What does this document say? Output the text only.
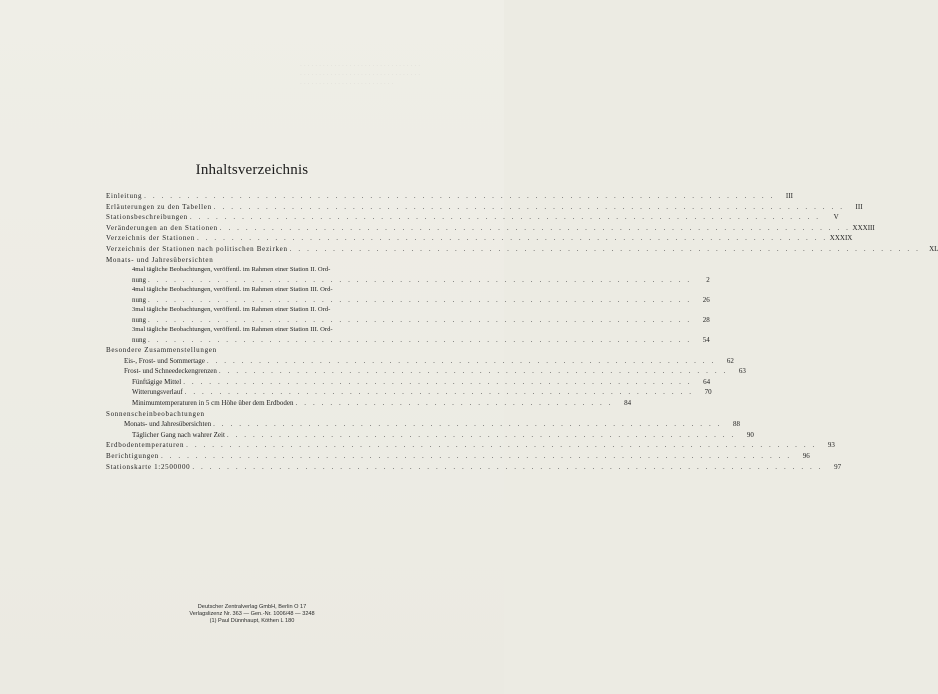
· · · · · · · · · · · · · · · · · · · · · · · · · · · · · · · ·
· · · · · · · · · · · · · · · · · · · · · · · · · · · · · · · ·
· · · · · · · · · · · · · · · · · · · · · · · · ·
Inhaltsverzeichnis
Einleitung . . . . . . . . . . . . . . . . . . . . . . . . . . . . . . . . . . . . . . . . . . . . . . . . . . . . . . . . . . . . . . . . . . . . . . . . .	III
Erläuterungen zu den Tabellen . . . . . . . . . . . . . . . . . . . . . . . . . . . . . . . . . . . . . . . . . . . . . . . . . . . . . . . . . . . . . . . . . . . . . . . . .	III
Stationsbeschreibungen . . . . . . . . . . . . . . . . . . . . . . . . . . . . . . . . . . . . . . . . . . . . . . . . . . . . . . . . . . . . . . . . . . . . . . . . .	V
Veränderungen an den Stationen . . . . . . . . . . . . . . . . . . . . . . . . . . . . . . . . . . . . . . . . . . . . . . . . . . . . . . . . . . . . . . . . . . . . . . . . . XXXIII
Verzeichnis der Stationen . . . . . . . . . . . . . . . . . . . . . . . . . . . . . . . . . . . . . . . . . . . . . . . . . . . . . . . . . . . . . . . . . . . . . . . . . XXXIX
Verzeichnis der Stationen nach politischen Bezirken . . . . . . . . . . . . . . . . . . . . . . . . . . . . . . . . . . . . . . . . . . . . . . . . . . . . . . . . . . . . . . . . . . . . . . . . .	XL
Monats- und Jahresübersichten
4mal tägliche Beobachtungen, veröffentl. im Rahmen einer Station II. Ord-
nung . . . . . . . . . . . . . . . . . . . . . . . . . . . . . . . . . . . . . . . . . . . . . . . . . . . . . . . . . . . . . . .	2
4mal tägliche Beobachtungen, veröffentl. im Rahmen einer Station III. Ord-
nung . . . . . . . . . . . . . . . . . . . . . . . . . . . . . . . . . . . . . . . . . . . . . . . . . . . . . . . . . . . . . . .	26
3mal tägliche Beobachtungen, veröffentl. im Rahmen einer Station II. Ord-
nung . . . . . . . . . . . . . . . . . . . . . . . . . . . . . . . . . . . . . . . . . . . . . . . . . . . . . . . . . . . . . . .	28
3mal tägliche Beobachtungen, veröffentl. im Rahmen einer Station III. Ord-
nung . . . . . . . . . . . . . . . . . . . . . . . . . . . . . . . . . . . . . . . . . . . . . . . . . . . . . . . . . . . . . . .	54
Besondere Zusammenstellungen
Eis-, Frost- und Sommertage . . . . . . . . . . . . . . . . . . . . . . . . . . . . . . . . . . . . . . . . . . . . . . . . . . . . . . . . . . .	62
Frost- und Schneedeckengrenzen . . . . . . . . . . . . . . . . . . . . . . . . . . . . . . . . . . . . . . . . . . . . . . . . . . . . . . . . . . .	63
Fünftägige Mittel . . . . . . . . . . . . . . . . . . . . . . . . . . . . . . . . . . . . . . . . . . . . . . . . . . . . . . . . . . .	64
Witterungsverlauf . . . . . . . . . . . . . . . . . . . . . . . . . . . . . . . . . . . . . . . . . . . . . . . . . . . . . . . . . . .	70
Minimumtemperaturen in 5 cm Höhe über dem Erdboden . . . . . . . . . . . . . . . . . . . . . . . . . . . . . . . . . . . . .	84
Sonnenscheinbeobachtungen
Monats- und Jahresübersichten . . . . . . . . . . . . . . . . . . . . . . . . . . . . . . . . . . . . . . . . . . . . . . . . . . . . . . . . . . .	88
Täglicher Gang nach wahrer Zeit . . . . . . . . . . . . . . . . . . . . . . . . . . . . . . . . . . . . . . . . . . . . . . . . . . . . . . . . . . .	90
Erdbodentemperaturen . . . . . . . . . . . . . . . . . . . . . . . . . . . . . . . . . . . . . . . . . . . . . . . . . . . . . . . . . . . . . . . . . . . . . . . . .	93
Berichtigungen . . . . . . . . . . . . . . . . . . . . . . . . . . . . . . . . . . . . . . . . . . . . . . . . . . . . . . . . . . . . . . . . . . . . . . . . .	96
Stationskarte 1:2500000 . . . . . . . . . . . . . . . . . . . . . . . . . . . . . . . . . . . . . . . . . . . . . . . . . . . . . . . . . . . . . . . . . . . . . . . . .	97
Deutscher Zentralverlag GmbH, Berlin O 17
Verlagslizenz Nr. 363 — Gen.-Nr. 1006/48 — 3248
(1) Paul Dünnhaupt, Köthen L 180
